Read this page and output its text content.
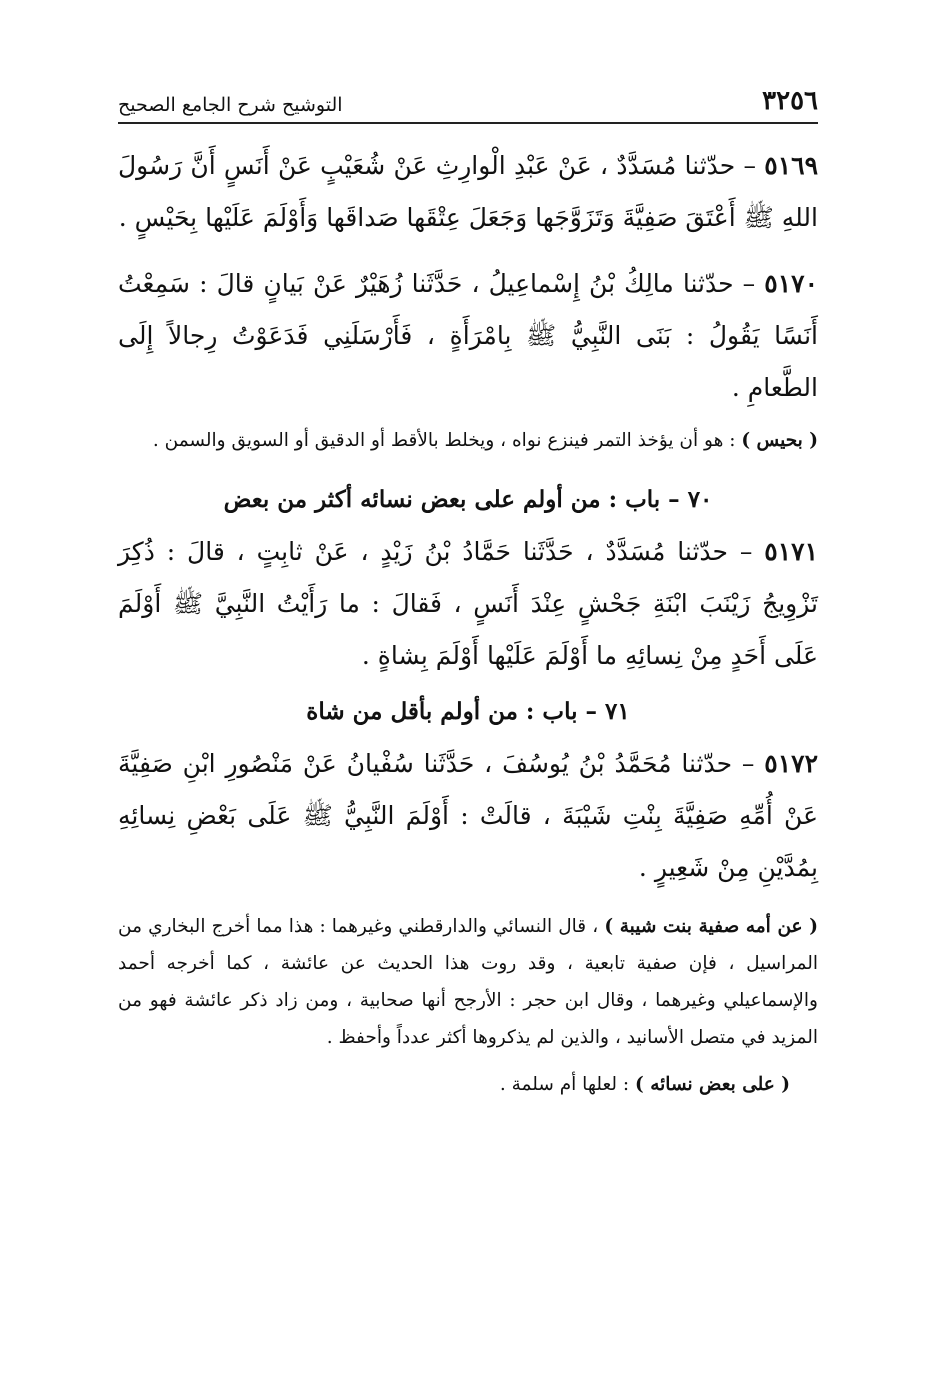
٣٢٥٦
التوشيح شرح الجامع الصحيح

٥١٦٩ – حدّثنا مُسَدَّدٌ ، عَنْ عَبْدِ الْوارِثِ عَنْ شُعَيْبٍ عَنْ أَنَسٍ أَنَّ رَسُولَ اللهِ ﷺ أَعْتَقَ صَفِيَّةَ وَتَزَوَّجَها وَجَعَلَ عِتْقَها صَداقَها وَأَوْلَمَ عَلَيْها بِحَيْسٍ .

٥١٧٠ – حدّثنا مالِكُ بْنُ إِسْماعِيلُ ، حَدَّثَنا زُهَيْرٌ عَنْ بَيانٍ قالَ : سَمِعْتُ أَنَسًا يَقُولُ : بَنَى النَّبِيُّ ﷺ بِامْرَأَةٍ ، فَأَرْسَلَنِي فَدَعَوْتُ رِجالاً إِلَى الطَّعامِ .

( بحيس ) : هو أن يؤخذ التمر فينزع نواه ، ويخلط بالأقط أو الدقيق أو السويق والسمن .

٧٠ – باب : من أولم على بعض نسائه أكثر من بعض

٥١٧١ – حدّثنا مُسَدَّدٌ ، حَدَّثَنا حَمَّادُ بْنُ زَيْدٍ ، عَنْ ثابِتٍ ، قالَ : ذُكِرَ تَزْوِيجُ زَيْنَبَ ابْنَةِ جَحْشٍ عِنْدَ أَنَسٍ ، فَقالَ : ما رَأَيْتُ النَّبِيَّ ﷺ أَوْلَمَ عَلَى أَحَدٍ مِنْ نِسائِهِ ما أَوْلَمَ عَلَيْها أَوْلَمَ بِشاةٍ .

٧١ – باب : من أولم بأقل من شاة

٥١٧٢ – حدّثنا مُحَمَّدُ بْنُ يُوسُفَ ، حَدَّثَنا سُفْيانُ عَنْ مَنْصُورِ ابْنِ صَفِيَّةَ عَنْ أُمِّهِ صَفِيَّةَ بِنْتِ شَيْبَةَ ، قالَتْ : أَوْلَمَ النَّبِيُّ ﷺ عَلَى بَعْضِ نِسائِهِ بِمُدَّيْنِ مِنْ شَعِيرٍ .

( عن أمه صفية بنت شيبة ) ، قال النسائي والدارقطني وغيرهما : هذا مما أخرج البخاري من المراسيل ، فإن صفية تابعية ، وقد روت هذا الحديث عن عائشة ، كما أخرجه أحمد والإسماعيلي وغيرهما ، وقال ابن حجر : الأرجح أنها صحابية ، ومن زاد ذكر عائشة فهو من المزيد في متصل الأسانيد ، والذين لم يذكروها أكثر عدداً وأحفظ .

( على بعض نسائه ) : لعلها أم سلمة .
